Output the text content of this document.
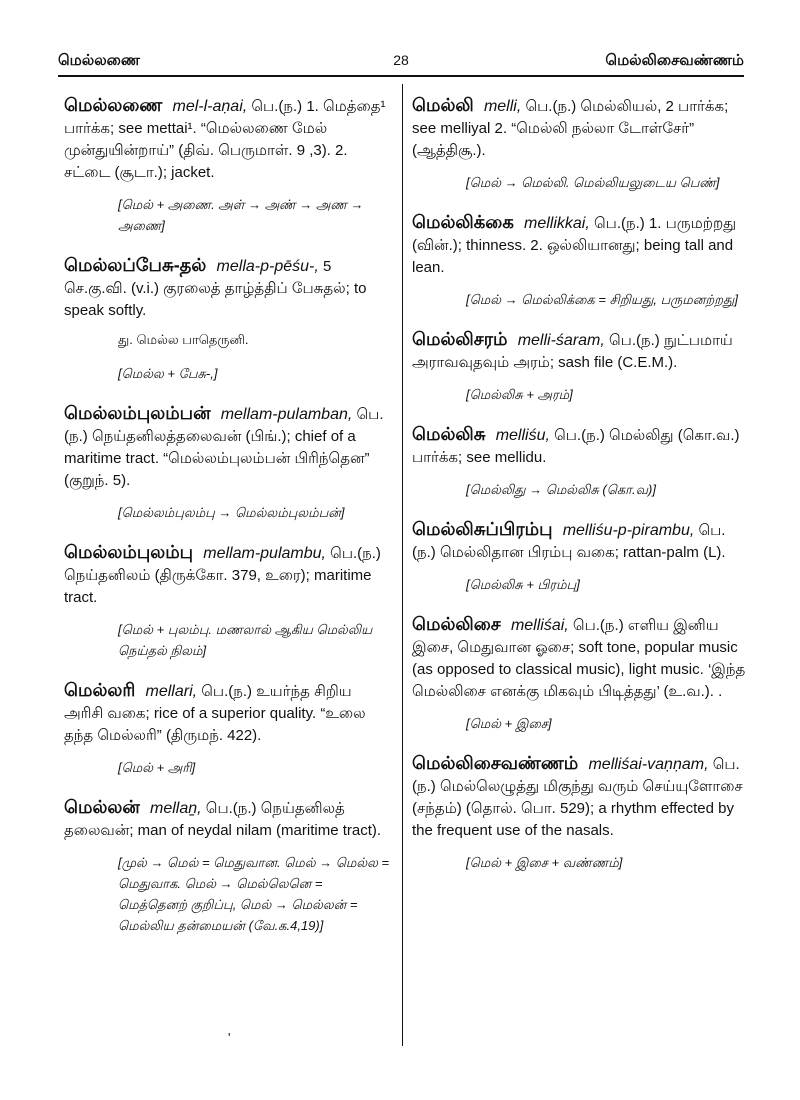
மெல்லணை	28	மெல்லிசைவண்ணம்
மெல்லணை mel-l-aṇai, பெ.(ந.) 1. மெத்தை¹ பார்க்க; see mettai¹. “மெல்லணை மேல் முன்துயின்றாய்” (திவ். பெருமாள். 9 ,3). 2. சட்டை (சூடா.); jacket.
[மெல் + அணை. அள் → அண் → அண → அணை]
மெல்லப்பேசு-தல் mella-p-pēśu-, 5 செ.கு.வி. (v.i.) குரலைத் தாழ்த்திப் பேசுதல்; to speak softly.
து. மெல்ல பாதெருனி.
[மெல்ல + பேசு-,]
மெல்லம்புலம்பன் mellam-pulamban, பெ.(ந.) நெய்தனிலத்தலைவன் (பிங்.); chief of a maritime tract. “மெல்லம்புலம்பன் பிரிந்தென” (குறுந். 5).
[மெல்லம்புலம்பு → மெல்லம்புலம்பன்]
மெல்லம்புலம்பு mellam-pulambu, பெ.(ந.) நெய்தனிலம் (திருக்கோ. 379, உரை); maritime tract.
[மெல் + புலம்பு. மணலால் ஆகிய மெல்லிய நெய்தல் நிலம்]
மெல்லரி mellari, பெ.(ந.) உயர்ந்த சிறிய அரிசி வகை; rice of a superior quality. “உலை தந்த மெல்லரி” (திருமந். 422).
[மெல் + அரி]
மெல்லன் mellaṉ, பெ.(ந.) நெய்தனிலத் தலைவன்; man of neydal nilam (maritime tract).
[முல் → மெல் = மெதுவான. மெல் → மெல்ல = மெதுவாக. மெல் → மெல்லெனெ = மெத்தெனற் குறிப்பு, மெல் → மெல்லன் = மெல்லிய தன்மையன் (வே.க.4,19)]
மெல்லி melli, பெ.(ந.) மெல்லியல், 2 பார்க்க; see melliyal 2. “மெல்லி நல்லா டோள்சேர்” (ஆத்திசூ.).
[மெல் → மெல்லி. மெல்லியலுடைய பெண்]
மெல்லிக்கை mellikkai, பெ.(ந.) 1. பருமற்றது (வின்.); thinness. 2. ஒல்லியானது; being tall and lean.
[மெல் → மெல்லிக்கை = சிறியது, பருமனற்றது]
மெல்லிசரம் melli-śaram, பெ.(ந.) நுட்பமாய் அராவவுதவும் அரம்; sash file (C.E.M.).
[மெல்லிசு + அரம்]
மெல்லிசு melliśu, பெ.(ந.) மெல்லிது (கொ.வ.) பார்க்க; see mellidu.
[மெல்லிது → மெல்லிசு (கொ.வ)]
மெல்லிசுப்பிரம்பு melliśu-p-pirambu, பெ.(ந.) மெல்லிதான பிரம்பு வகை; rattan-palm (L).
[மெல்லிசு + பிரம்பு]
மெல்லிசை melliśai, பெ.(ந.) எளிய இனிய இசை, மெதுவான ஓசை; soft tone, popular music (as opposed to classical music), light music. ‘இந்த மெல்லிசை எனக்கு மிகவும் பிடித்தது’ (உ.வ.). .
[மெல் + இசை]
மெல்லிசைவண்ணம் melliśai-vaṇṇam, பெ.(ந.) மெல்லெழுத்து மிகுந்து வரும் செய்யுளோசை (சந்தம்) (தொல். பொ. 529); a rhythm effected by the frequent use of the nasals.
[மெல் + இசை + வண்ணம்]
'
